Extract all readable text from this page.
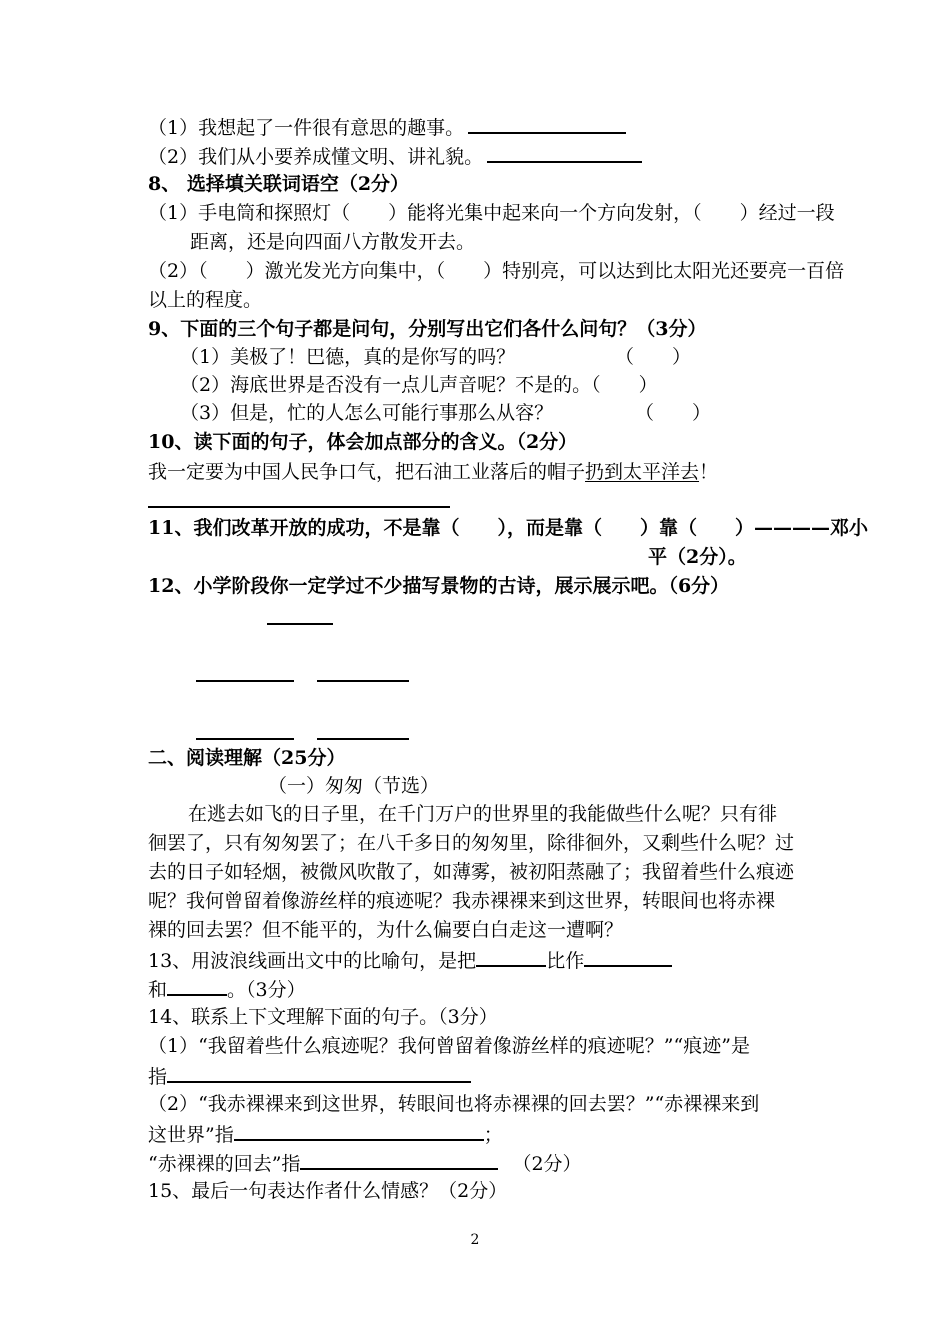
（1）我想起了一件很有意思的趣事。
（2）我们从小要养成懂文明、讲礼貌。
8、 选择填关联词语空（2分）
（1）手电筒和探照灯（　　）能将光集中起来向一个方向发射，（　　）经过一段
距离，还是向四面八方散发开去。
（2）（　　）激光发光方向集中，（　　）特别亮，可以达到比太阳光还要亮一百倍
以上的程度。
9、下面的三个句子都是问句，分别写出它们各什么问句？（3分）
（1）美极了！巴德，真的是你写的吗？	（　　）
（2）海底世界是否没有一点儿声音呢？不是的。（　　）
（3）但是，忙的人怎么可能行事那么从容？	（　　）
10、读下面的句子，体会加点部分的含义。（2分）
我一定要为中国人民争口气，把石油工业落后的帽子扔到太平洋去！
11、我们改革开放的成功，不是靠（　　），而是靠（　　）靠（　　）————邓小
平（2分）。
12、小学阶段你一定学过不少描写景物的古诗，展示展示吧。（6分）
二、阅读理解（25分）
（一）匆匆（节选）
在逃去如飞的日子里，在千门万户的世界里的我能做些什么呢？只有徘
徊罢了，只有匆匆罢了；在八千多日的匆匆里，除徘徊外，又剩些什么呢？过
去的日子如轻烟，被微风吹散了，如薄雾，被初阳蒸融了；我留着些什么痕迹
呢？我何曾留着像游丝样的痕迹呢？我赤裸裸来到这世界，转眼间也将赤裸
裸的回去罢？但不能平的，为什么偏要白白走这一遭啊？
13、用波浪线画出文中的比喻句，是把	比作
和	。（3分）
14、联系上下文理解下面的句子。（3分）
（1）“我留着些什么痕迹呢？我何曾留着像游丝样的痕迹呢？”“痕迹”是
指
（2）“我赤裸裸来到这世界，转眼间也将赤裸裸的回去罢？”“赤裸裸来到
这世界”指	；
“赤裸裸的回去”指	（2分）
15、最后一句表达作者什么情感？（2分）
2
